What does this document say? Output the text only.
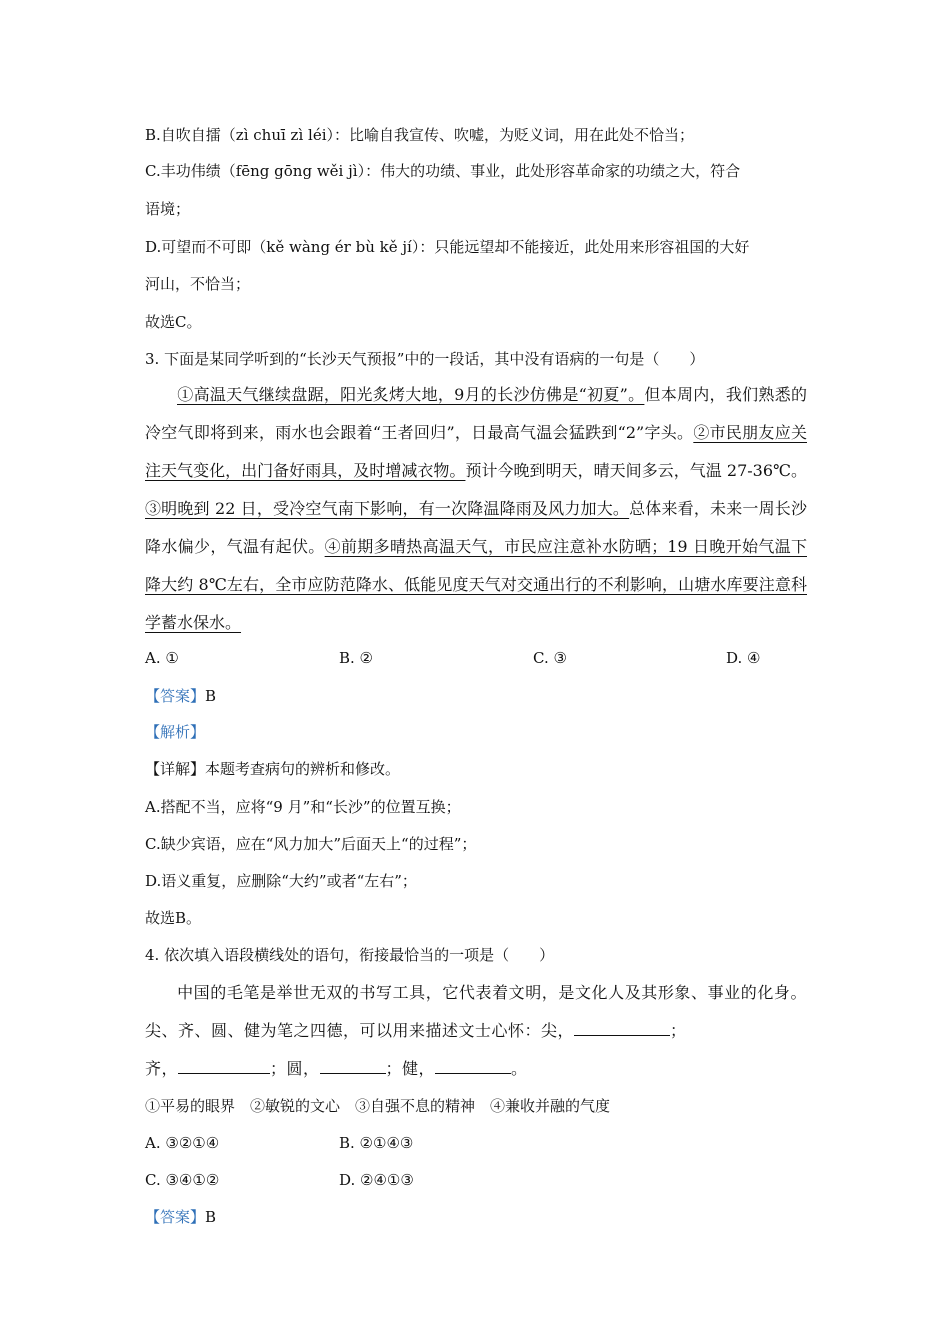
B.自吹自擂（zì chuī zì léi）：比喻自我宣传、吹嘘，为贬义词，用在此处不恰当；
C.丰功伟绩（fēng gōng wěi jì）：伟大的功绩、事业，此处形容革命家的功绩之大，符合
语境；
D.可望而不可即（kě wàng ér bù kě jí）：只能远望却不能接近，此处用来形容祖国的大好
河山，不恰当；
故选C。
3. 下面是某同学听到的“长沙天气预报”中的一段话，其中没有语病的一句是（　　）
①高温天气继续盘踞，阳光炙烤大地，9月的长沙仿佛是“初夏”。但本周内，我们熟悉的冷空气即将到来，雨水也会跟着“王者回归”，日最高气温会猛跌到“2”字头。②市民朋友应关注天气变化，出门备好雨具，及时增减衣物。预计今晚到明天，晴天间多云，气温 27-36℃。③明晚到 22 日，受冷空气南下影响，有一次降温降雨及风力加大。总体来看，未来一周长沙降水偏少，气温有起伏。④前期多晴热高温天气，市民应注意补水防晒；19 日晚开始气温下降大约 8℃左右，全市应防范降水、低能见度天气对交通出行的不利影响，山塘水库要注意科学蓄水保水。
A. ①	B. ②	C. ③	D. ④
【答案】B
【解析】
【详解】本题考查病句的辨析和修改。
A.搭配不当，应将“9 月”和“长沙”的位置互换；
C.缺少宾语，应在“风力加大”后面天上“的过程”；
D.语义重复，应删除“大约”或者“左右”；
故选B。
4. 依次填入语段横线处的语句，衔接最恰当的一项是（　　）
中国的毛笔是举世无双的书写工具，它代表着文明，是文化人及其形象、事业的化身。尖、齐、圆、健为笔之四德，可以用来描述文士心怀：尖，	；
齐，	；圆，	；健，	。
①平易的眼界　②敏锐的文心　③自强不息的精神　④兼收并融的气度
A. ③②①④	B. ②①④③
C. ③④①②	D. ②④①③
【答案】B
